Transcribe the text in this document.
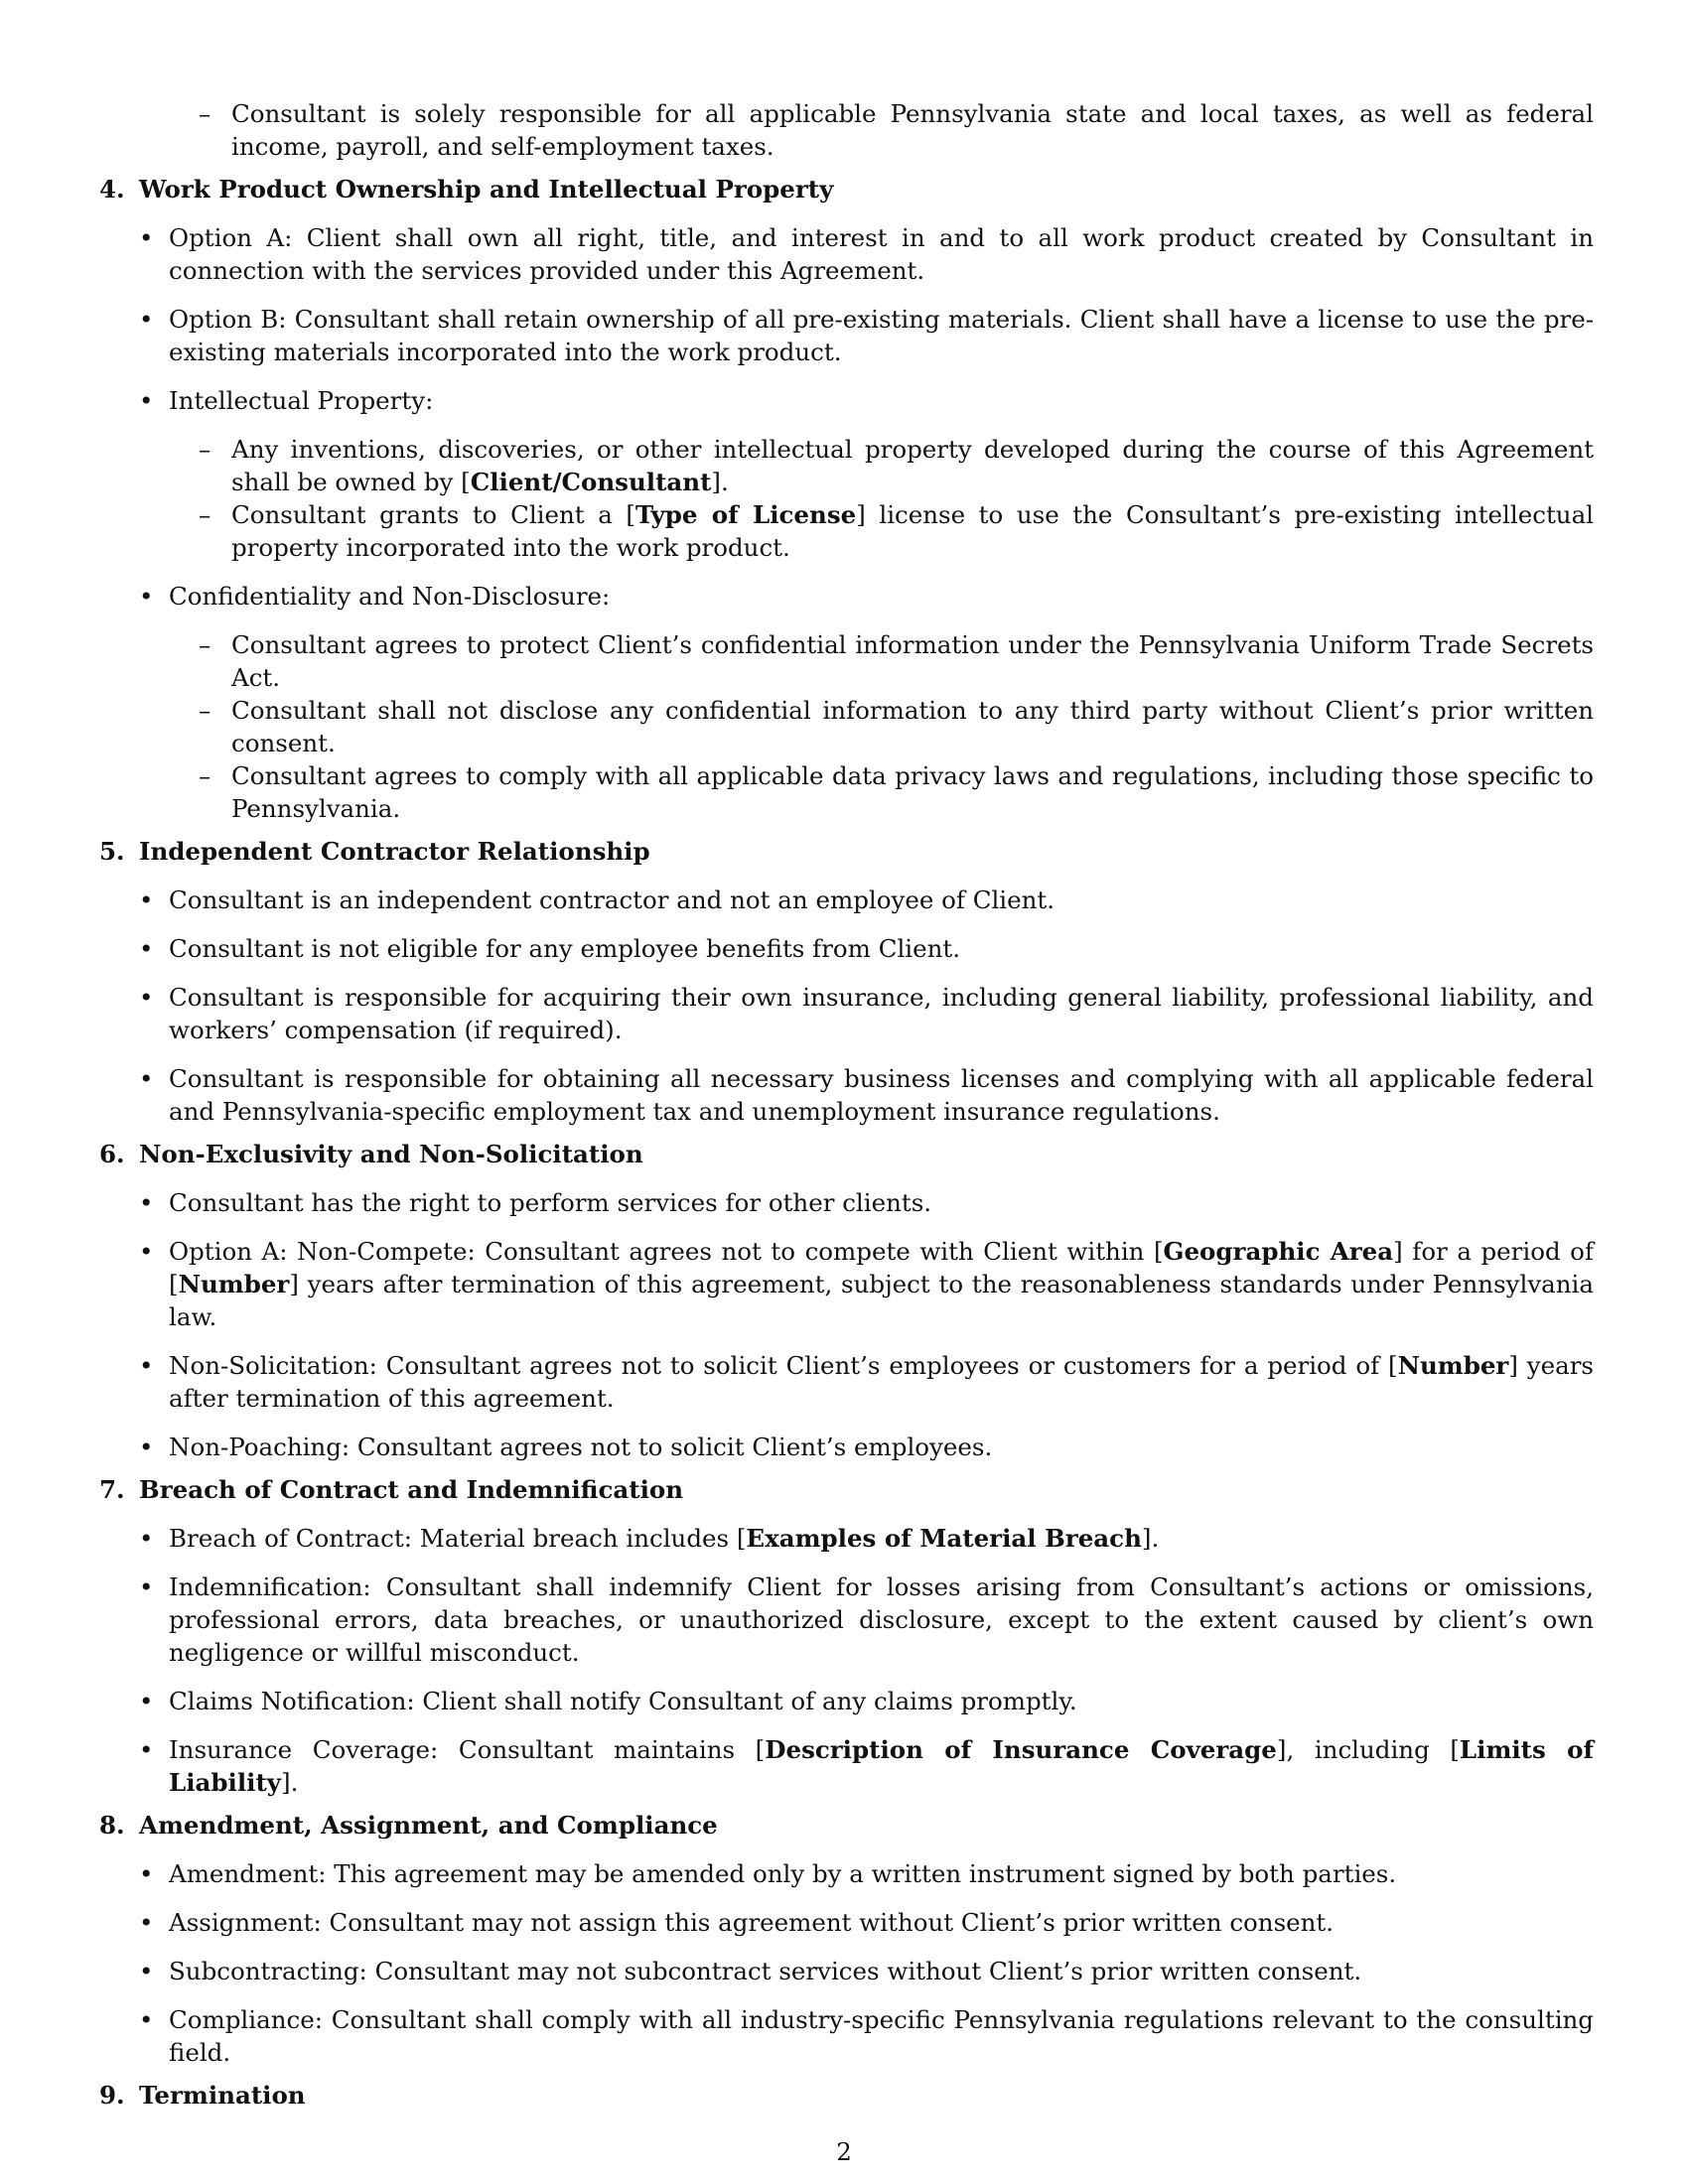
– Consultant is solely responsible for all applicable Pennsylvania state and local taxes, as well as federal income, payroll, and self-employment taxes.
4. Work Product Ownership and Intellectual Property
• Option A: Client shall own all right, title, and interest in and to all work product created by Consultant in connection with the services provided under this Agreement.
• Option B: Consultant shall retain ownership of all pre-existing materials. Client shall have a license to use the pre-existing materials incorporated into the work product.
• Intellectual Property:
– Any inventions, discoveries, or other intellectual property developed during the course of this Agreement shall be owned by [Client/Consultant].
– Consultant grants to Client a [Type of License] license to use the Consultant’s pre-existing intellectual property incorporated into the work product.
• Confidentiality and Non-Disclosure:
– Consultant agrees to protect Client’s confidential information under the Pennsylvania Uniform Trade Secrets Act.
– Consultant shall not disclose any confidential information to any third party without Client’s prior written consent.
– Consultant agrees to comply with all applicable data privacy laws and regulations, including those specific to Pennsylvania.
5. Independent Contractor Relationship
• Consultant is an independent contractor and not an employee of Client.
• Consultant is not eligible for any employee benefits from Client.
• Consultant is responsible for acquiring their own insurance, including general liability, professional liability, and workers’ compensation (if required).
• Consultant is responsible for obtaining all necessary business licenses and complying with all applicable federal and Pennsylvania-specific employment tax and unemployment insurance regulations.
6. Non-Exclusivity and Non-Solicitation
• Consultant has the right to perform services for other clients.
• Option A: Non-Compete: Consultant agrees not to compete with Client within [Geographic Area] for a period of [Number] years after termination of this agreement, subject to the reasonableness standards under Pennsylvania law.
• Non-Solicitation: Consultant agrees not to solicit Client’s employees or customers for a period of [Number] years after termination of this agreement.
• Non-Poaching: Consultant agrees not to solicit Client’s employees.
7. Breach of Contract and Indemnification
• Breach of Contract: Material breach includes [Examples of Material Breach].
• Indemnification: Consultant shall indemnify Client for losses arising from Consultant’s actions or omissions, professional errors, data breaches, or unauthorized disclosure, except to the extent caused by client’s own negligence or willful misconduct.
• Claims Notification: Client shall notify Consultant of any claims promptly.
• Insurance Coverage: Consultant maintains [Description of Insurance Coverage], including [Limits of Liability].
8. Amendment, Assignment, and Compliance
• Amendment: This agreement may be amended only by a written instrument signed by both parties.
• Assignment: Consultant may not assign this agreement without Client’s prior written consent.
• Subcontracting: Consultant may not subcontract services without Client’s prior written consent.
• Compliance: Consultant shall comply with all industry-specific Pennsylvania regulations relevant to the consulting field.
9. Termination
2
